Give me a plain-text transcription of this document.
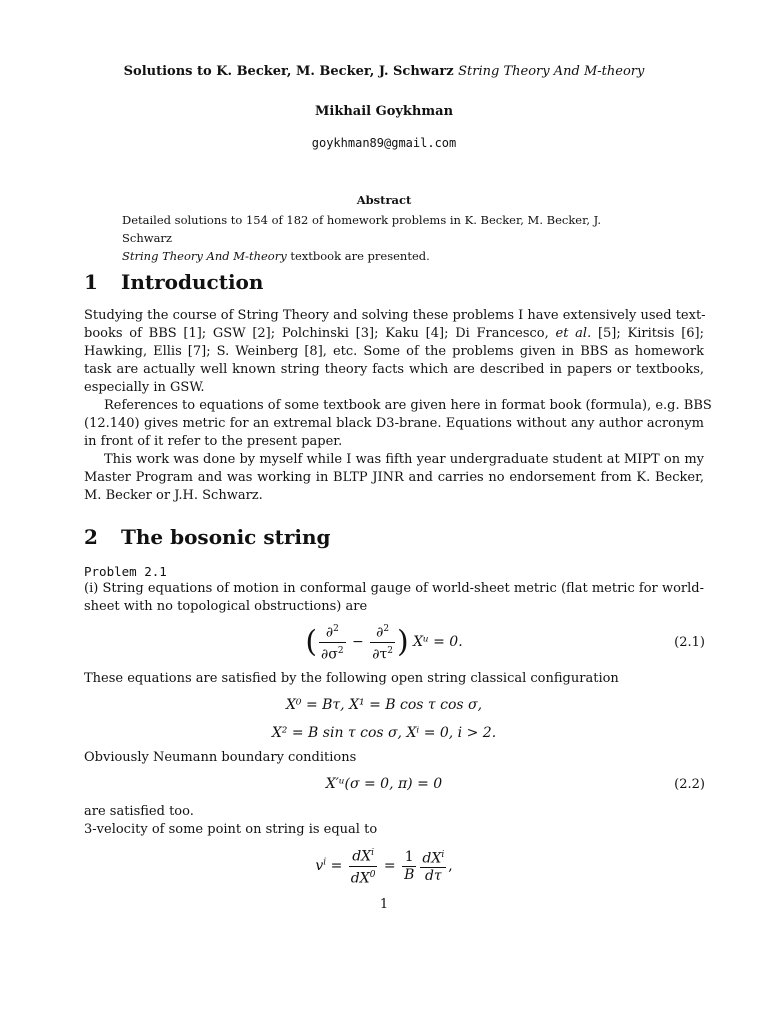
Solutions to K. Becker, M. Becker, J. Schwarz String Theory And M-theory
Mikhail Goykhman
goykhman89@gmail.com
Abstract
Detailed solutions to 154 of 182 of homework problems in K. Becker, M. Becker, J. Schwarz
String Theory And M-theory textbook are presented.
1 Introduction
Studying the course of String Theory and solving these problems I have extensively used text-
books of BBS [1]; GSW [2]; Polchinski [3]; Kaku [4]; Di Francesco, et al. [5]; Kiritsis [6];
Hawking, Ellis [7]; S. Weinberg [8], etc. Some of the problems given in BBS as homework
task are actually well known string theory facts which are described in papers or textbooks,
especially in GSW.
References to equations of some textbook are given here in format book (formula), e.g. BBS
(12.140) gives metric for an extremal black D3-brane. Equations without any author acronym
in front of it refer to the present paper.
This work was done by myself while I was fifth year undergraduate student at MIPT on my
Master Program and was working in BLTP JINR and carries no endorsement from K. Becker,
M. Becker or J.H. Schwarz.
2 The bosonic string
Problem 2.1
(i) String equations of motion in conformal gauge of world-sheet metric (flat metric for world-
sheet with no topological obstructions) are
( $\frac{\partial^2}{\partial\sigma^2} - \frac{\partial^2}{\partial\tau^2}$ ) Xᵘ = 0.	(2.1)
These equations are satisfied by the following open string classical configuration
X⁰ = Bτ, X¹ = B cos τ cos σ,
X² = B sin τ cos σ, Xⁱ = 0, i > 2.
Obviously Neumann boundary conditions
X′ᵘ(σ = 0, π) = 0	(2.2)
are satisfied too.
3-velocity of some point on string is equal to
$v^i = \frac{dX^i}{dX^0} = \frac{1}{B} \frac{dX^i}{d\tau}$ ,
1
